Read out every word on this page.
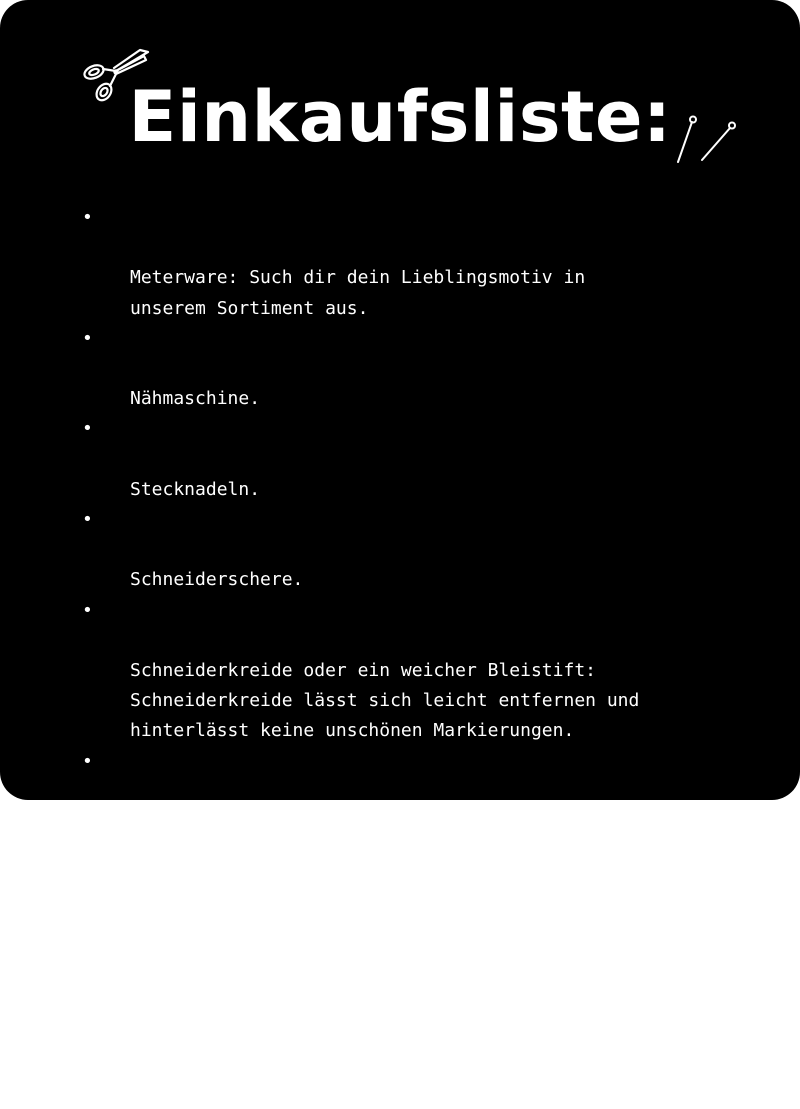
Einkaufsliste:

•

Meterware: Such dir dein Lieblingsmotiv in
unserem Sortiment aus.

•

Nähmaschine.

•

Stecknadeln.

•

Schneiderschere.

•

Schneiderkreide oder ein weicher Bleistift:
Schneiderkreide lässt sich leicht entfernen und
hinterlässt keine unschönen Markierungen.

•

Reißverschluss: Im Schneidereibedarf gibt es
Reißverschlüsse nach Maß. Die kannst du auf die
gewünschte Länge schneiden lassen und einen
Zipper einsetzen.

•

Schaumstoff: Wir haben uns für eine Auflage der
Maße 60x200cm und eine Dicke von 6 cm
entschieden. Im Internet findest du eine große
Auswahl an Anbietern.
